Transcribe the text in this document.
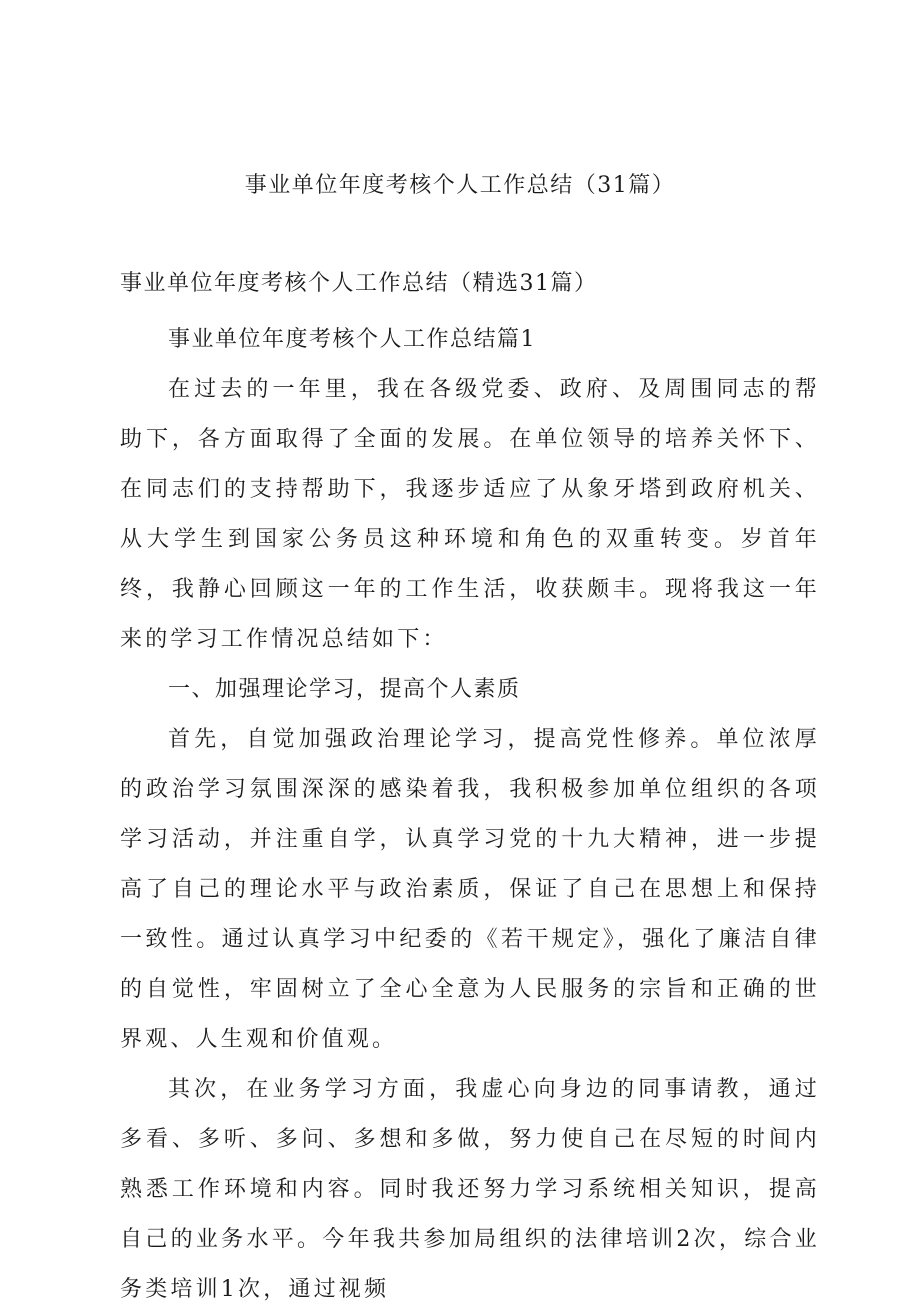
事业单位年度考核个人工作总结（31篇）

事业单位年度考核个人工作总结（精选31篇）

事业单位年度考核个人工作总结篇1

在过去的一年里，我在各级党委、政府、及周围同志的帮助下，各方面取得了全面的发展。在单位领导的培养关怀下、在同志们的支持帮助下，我逐步适应了从象牙塔到政府机关、从大学生到国家公务员这种环境和角色的双重转变。岁首年终，我静心回顾这一年的工作生活，收获颇丰。现将我这一年来的学习工作情况总结如下：

一、加强理论学习，提高个人素质

首先，自觉加强政治理论学习，提高党性修养。单位浓厚的政治学习氛围深深的感染着我，我积极参加单位组织的各项学习活动，并注重自学，认真学习党的十九大精神，进一步提高了自己的理论水平与政治素质，保证了自己在思想上和保持一致性。通过认真学习中纪委的《若干规定》，强化了廉洁自律的自觉性，牢固树立了全心全意为人民服务的宗旨和正确的世界观、人生观和价值观。

其次，在业务学习方面，我虚心向身边的同事请教，通过多看、多听、多问、多想和多做，努力使自己在尽短的时间内熟悉工作环境和内容。同时我还努力学习系统相关知识，提高自己的业务水平。今年我共参加局组织的法律培训2次，综合业务类培训1次，通过视频
